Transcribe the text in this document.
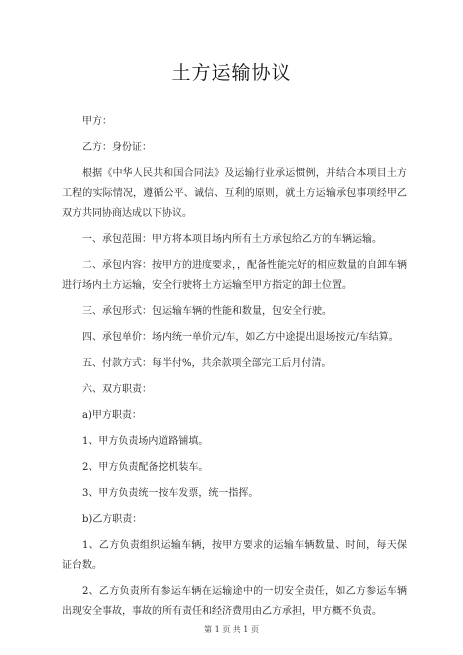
土方运输协议

甲方：

乙方：身份证：

根据《中华人民共和国合同法》及运输行业承运惯例，并结合本项目土方工程的实际情况，遵循公平、诚信、互利的原则，就土方运输承包事项经甲乙双方共同协商达成以下协议。

一、承包范围：甲方将本项目场内所有土方承包给乙方的车辆运输。

二、承包内容：按甲方的进度要求，，配备性能完好的相应数量的自卸车辆进行场内土方运输，安全行驶将土方运输至甲方指定的卸土位置。

三、承包形式：包运输车辆的性能和数量，包安全行驶。

四、承包单价：场内统一单价元/车，如乙方中途提出退场按元/车结算。

五、付款方式：每半付%，共余款项全部完工后月付清。

六、双方职责：

a)甲方职责：

1、甲方负责场内道路铺填。

2、甲方负责配备挖机装车。

3、甲方负责统一按车发票，统一指挥。

b)乙方职责：

1、乙方负责组织运输车辆，按甲方要求的运输车辆数量、时间，每天保证台数。

2、乙方负责所有参运车辆在运输途中的一切安全责任，如乙方参运车辆出现安全事故，事故的所有责任和经济费用由乙方承担，甲方概不负责。

第 1 页 共 1 页
